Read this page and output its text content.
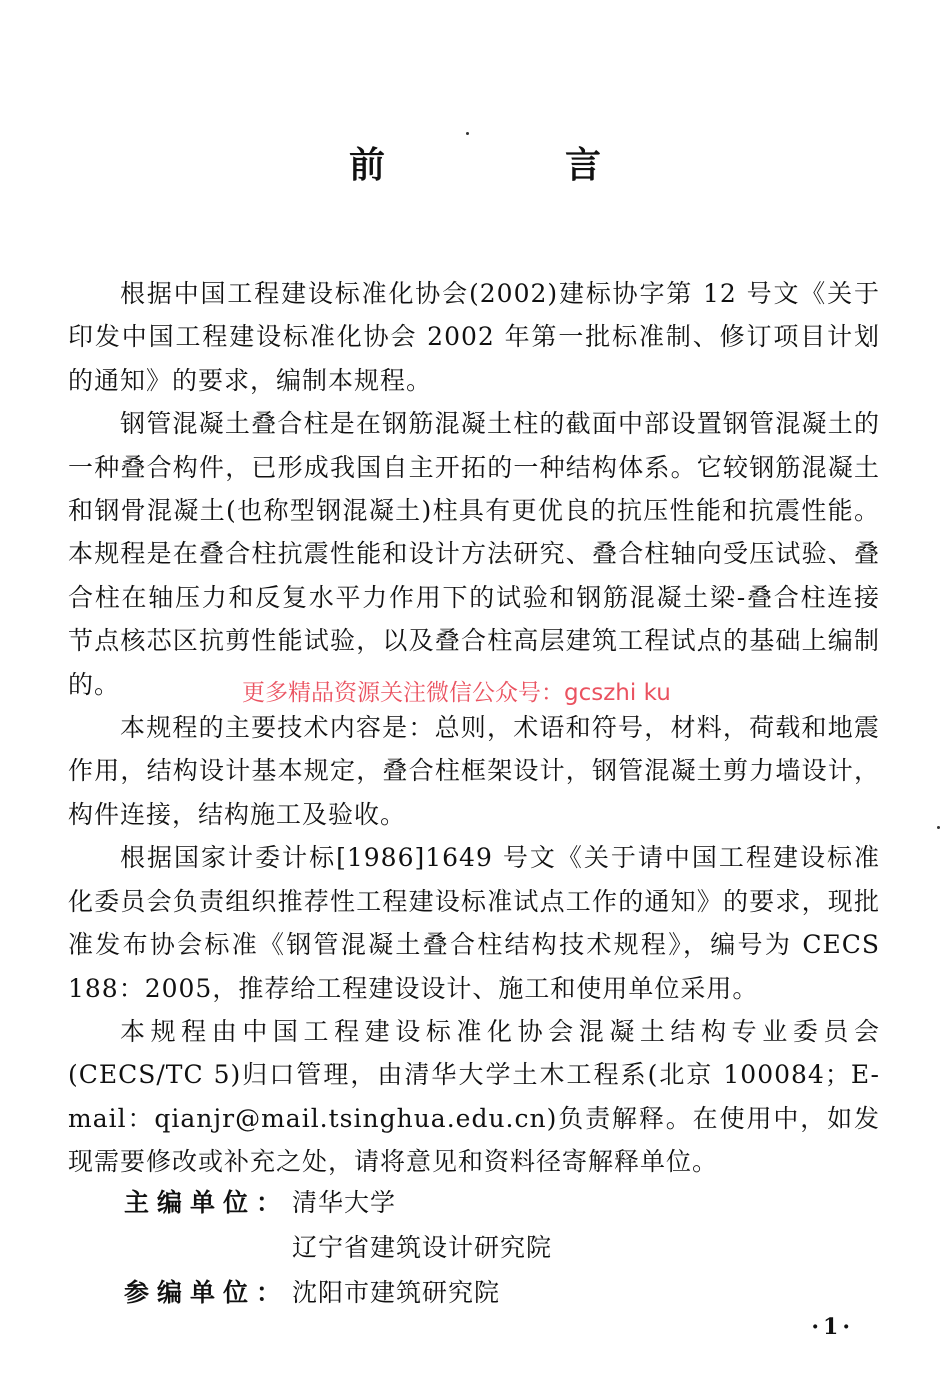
前　言

根据中国工程建设标准化协会(2002)建标协字第 12 号文《关于印发中国工程建设标准化协会 2002 年第一批标准制、修订项目计划的通知》的要求，编制本规程。

钢管混凝土叠合柱是在钢筋混凝土柱的截面中部设置钢管混凝土的一种叠合构件，已形成我国自主开拓的一种结构体系。它较钢筋混凝土和钢骨混凝土(也称型钢混凝土)柱具有更优良的抗压性能和抗震性能。本规程是在叠合柱抗震性能和设计方法研究、叠合柱轴向受压试验、叠合柱在轴压力和反复水平力作用下的试验和钢筋混凝土梁-叠合柱连接节点核芯区抗剪性能试验，以及叠合柱高层建筑工程试点的基础上编制的。

本规程的主要技术内容是：总则，术语和符号，材料，荷载和地震作用，结构设计基本规定，叠合柱框架设计，钢管混凝土剪力墙设计，构件连接，结构施工及验收。

根据国家计委计标[1986]1649 号文《关于请中国工程建设标准化委员会负责组织推荐性工程建设标准试点工作的通知》的要求，现批准发布协会标准《钢管混凝土叠合柱结构技术规程》，编号为 CECS 188：2005，推荐给工程建设设计、施工和使用单位采用。

本规程由中国工程建设标准化协会混凝土结构专业委员会(CECS/TC 5)归口管理，由清华大学土木工程系(北京 100084；E-mail：qianjr@mail.tsinghua.edu.cn)负责解释。在使用中，如发现需要修改或补充之处，请将意见和资料径寄解释单位。

更多精品资源关注微信公众号：gcszhi ku
主编单位： 清华大学
辽宁省建筑设计研究院
参编单位： 沈阳市建筑研究院
·1·
